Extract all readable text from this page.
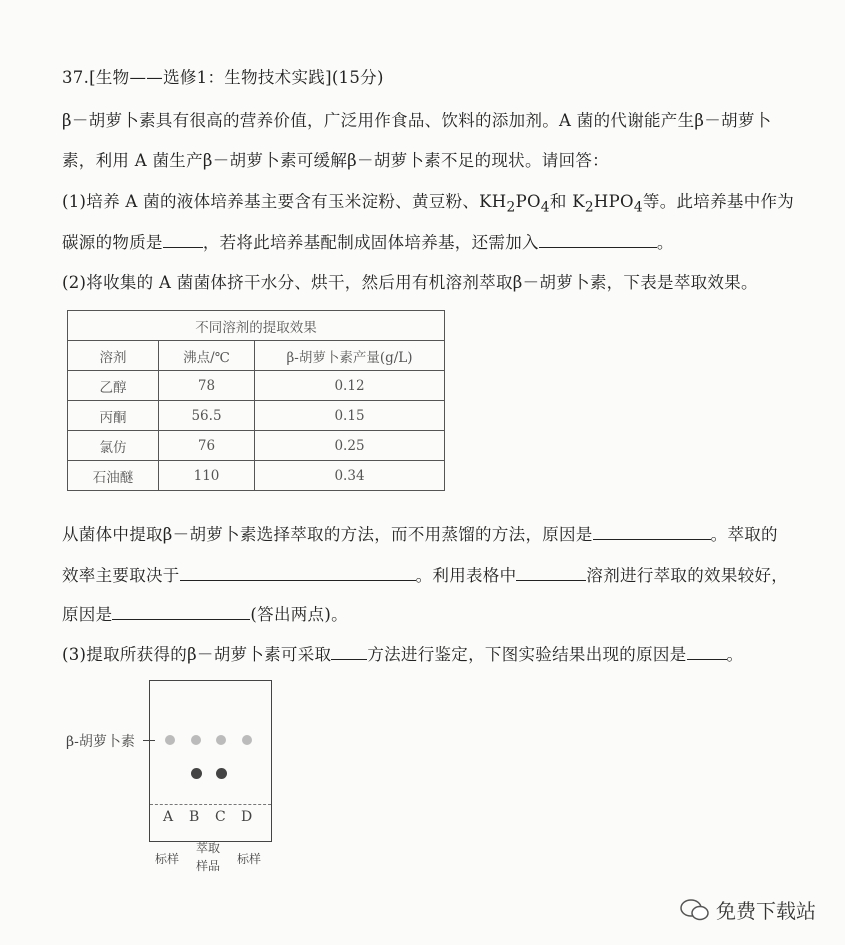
37.[生物——选修1：生物技术实践](15分)
β－胡萝卜素具有很高的营养价值，广泛用作食品、饮料的添加剂。A 菌的代谢能产生β－胡萝卜
素，利用 A 菌生产β－胡萝卜素可缓解β－胡萝卜素不足的现状。请回答：
(1)培养 A 菌的液体培养基主要含有玉米淀粉、黄豆粉、$KH_2PO_4$和 $K_2HPO_4$等。此培养基中作为
碳源的物质是 ，若将此培养基配制成固体培养基，还需加入	。
(2)将收集的 A 菌菌体挤干水分、烘干，然后用有机溶剂萃取β－胡萝卜素，下表是萃取效果。
不同溶剂的提取效果		
溶剂	沸点/℃	β-胡萝卜素产量(g/L)
乙醇	78	0.12
丙酮	56.5	0.15
氯仿	76	0.25
石油醚	110	0.34
从菌体中提取β－胡萝卜素选择萃取的方法，而不用蒸馏的方法，原因是	。萃取的
效率主要取决于	。利用表格中	溶剂进行萃取的效果较好，
原因是	(答出两点)。
(3)提取所获得的β－胡萝卜素可采取 方法进行鉴定，下图实验结果出现的原因是 。
β-胡萝卜素
A B C D
标样
萃取
样品 标样
免费下载站
